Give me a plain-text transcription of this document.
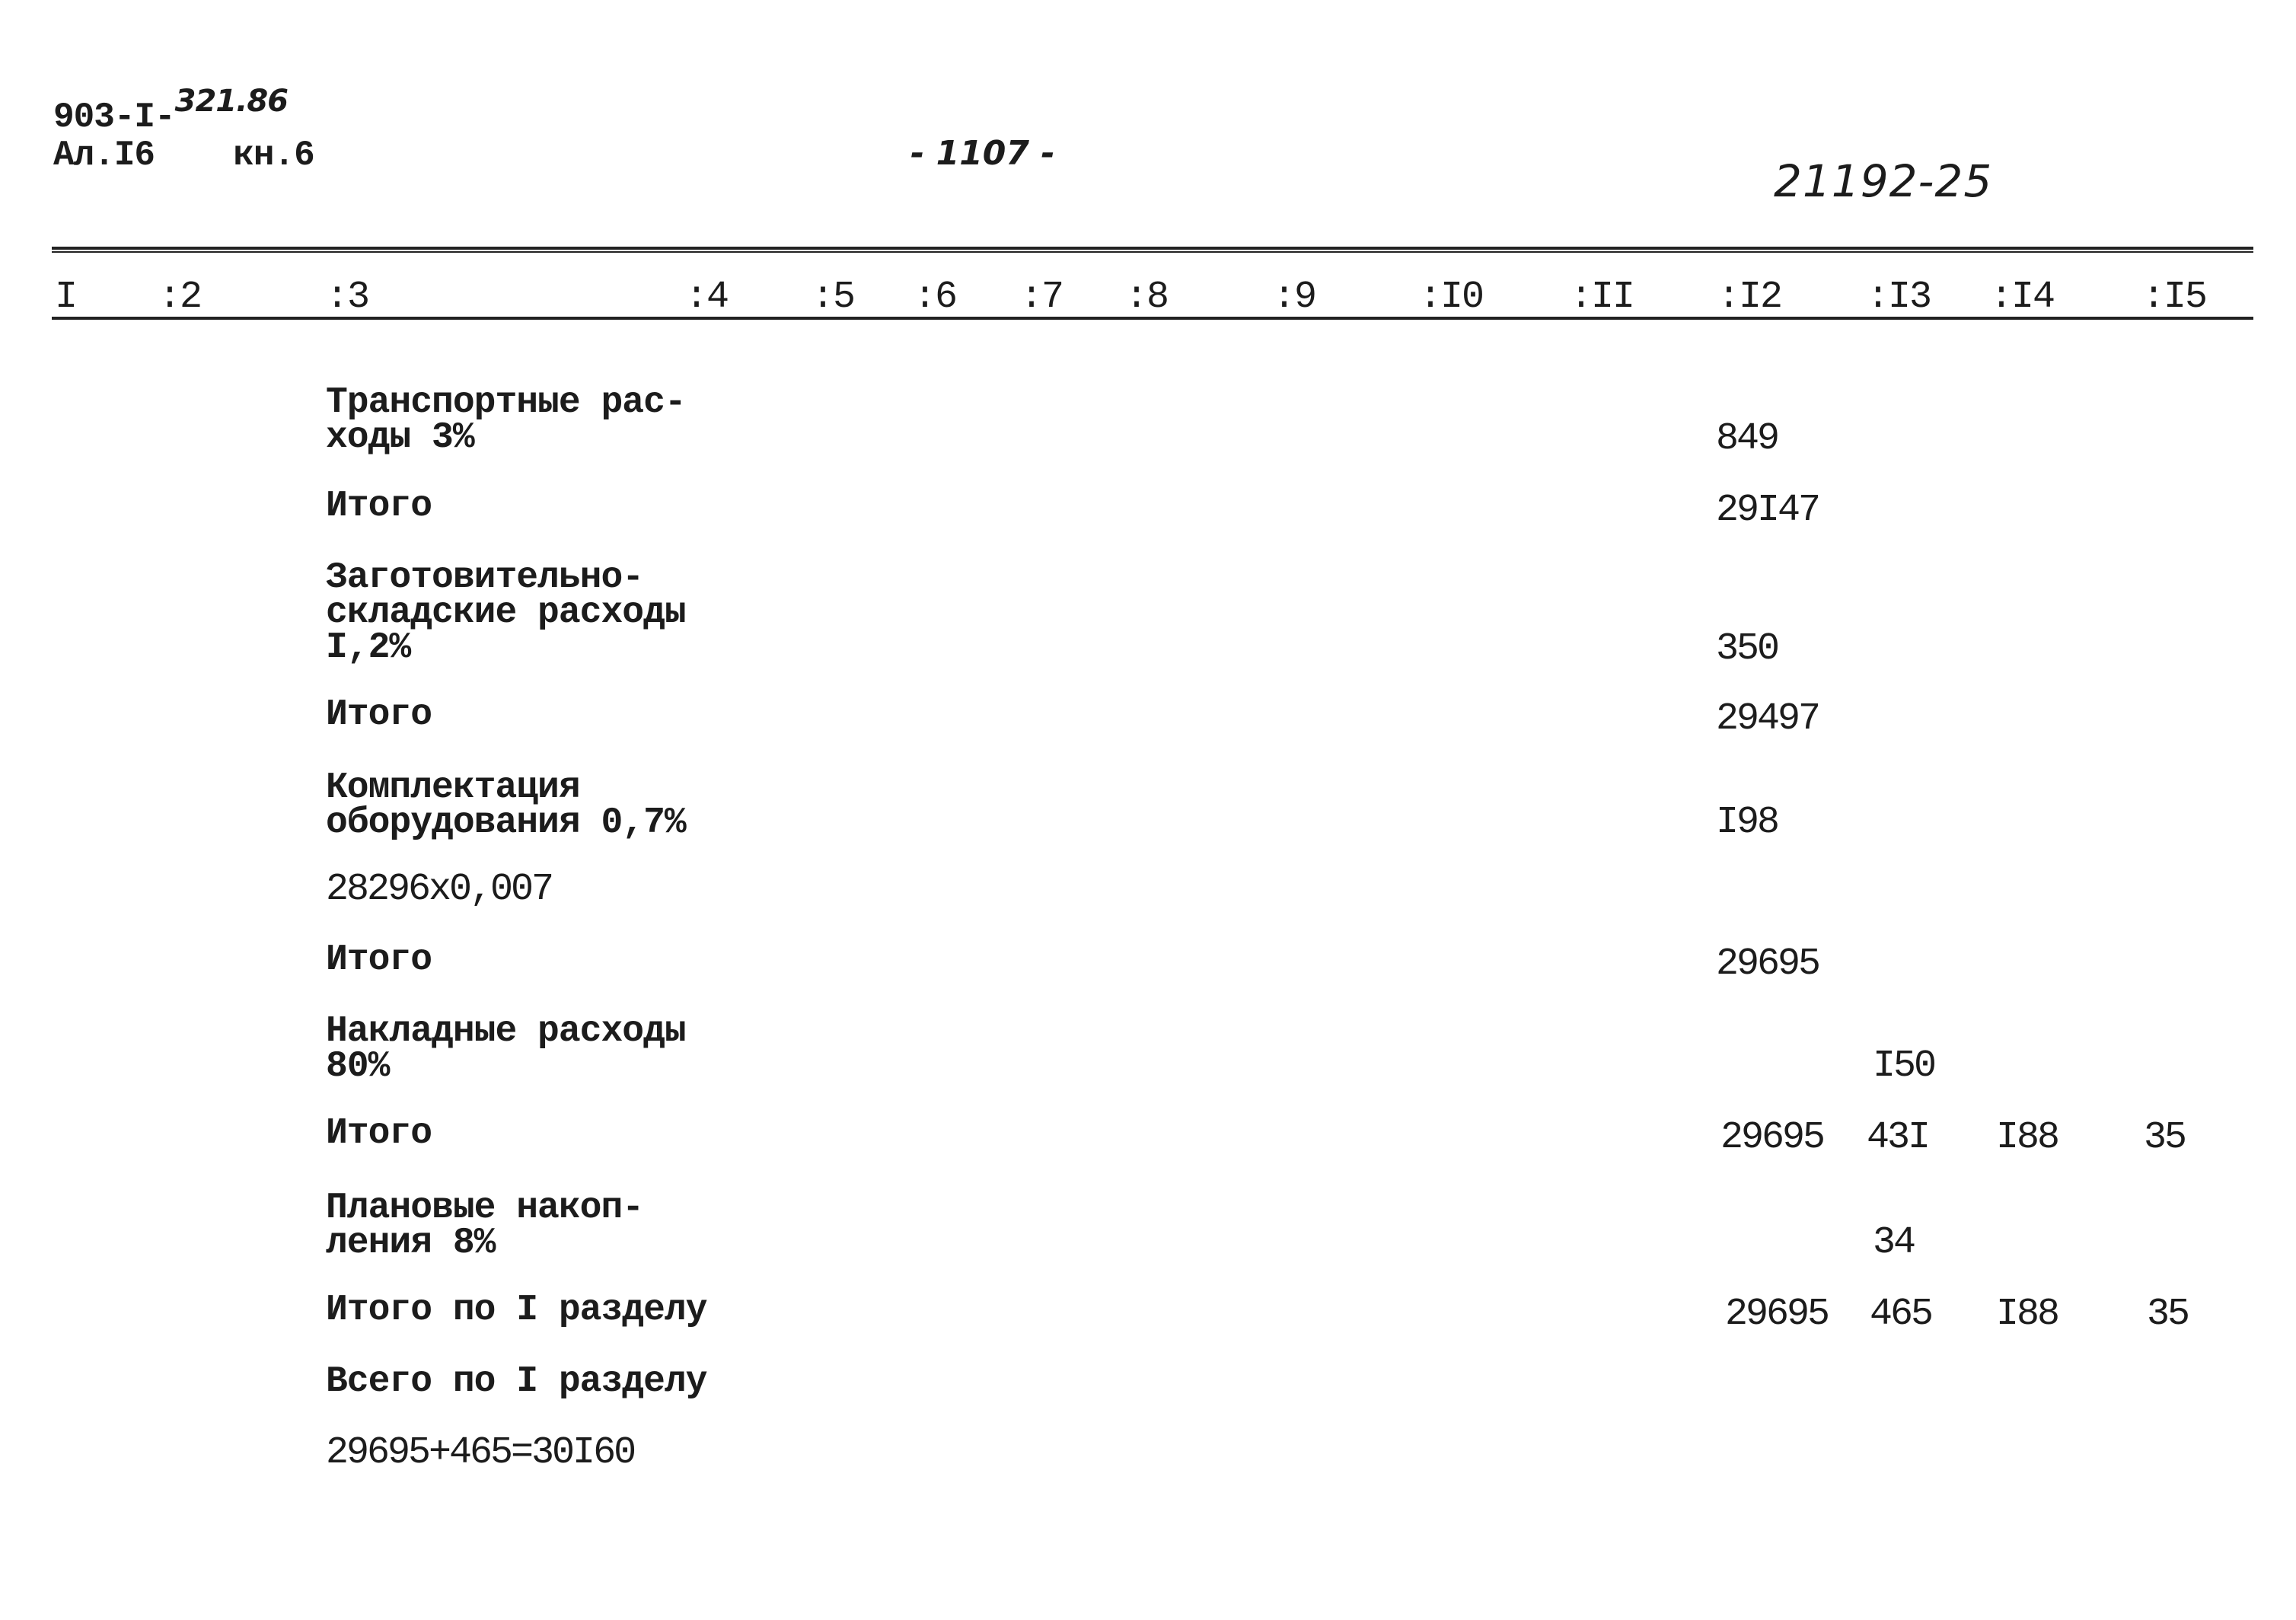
903-I-321.86
Ал.I6 кн.6	- 1107 -
21192-25
I :2	:3	:4 :5 :6 :7 :8	:9	:I0 :II :I2 :I3 :I4 :I5
Транспортные рас-
ходы 3%	849
Итого	29I47
Заготовительно-
складские расходы
I,2%	350
Итого	29497
Комплектация
оборудования 0,7%	I98
28296x0,007
Итого	29695
Накладные расходы
80%	I50
Итого	29695 43I I88 35
Плановые накоп-
ления 8%	34
Итого по I разделу	29695 465 I88 35
Всего по I разделу
29695+465=30I60
